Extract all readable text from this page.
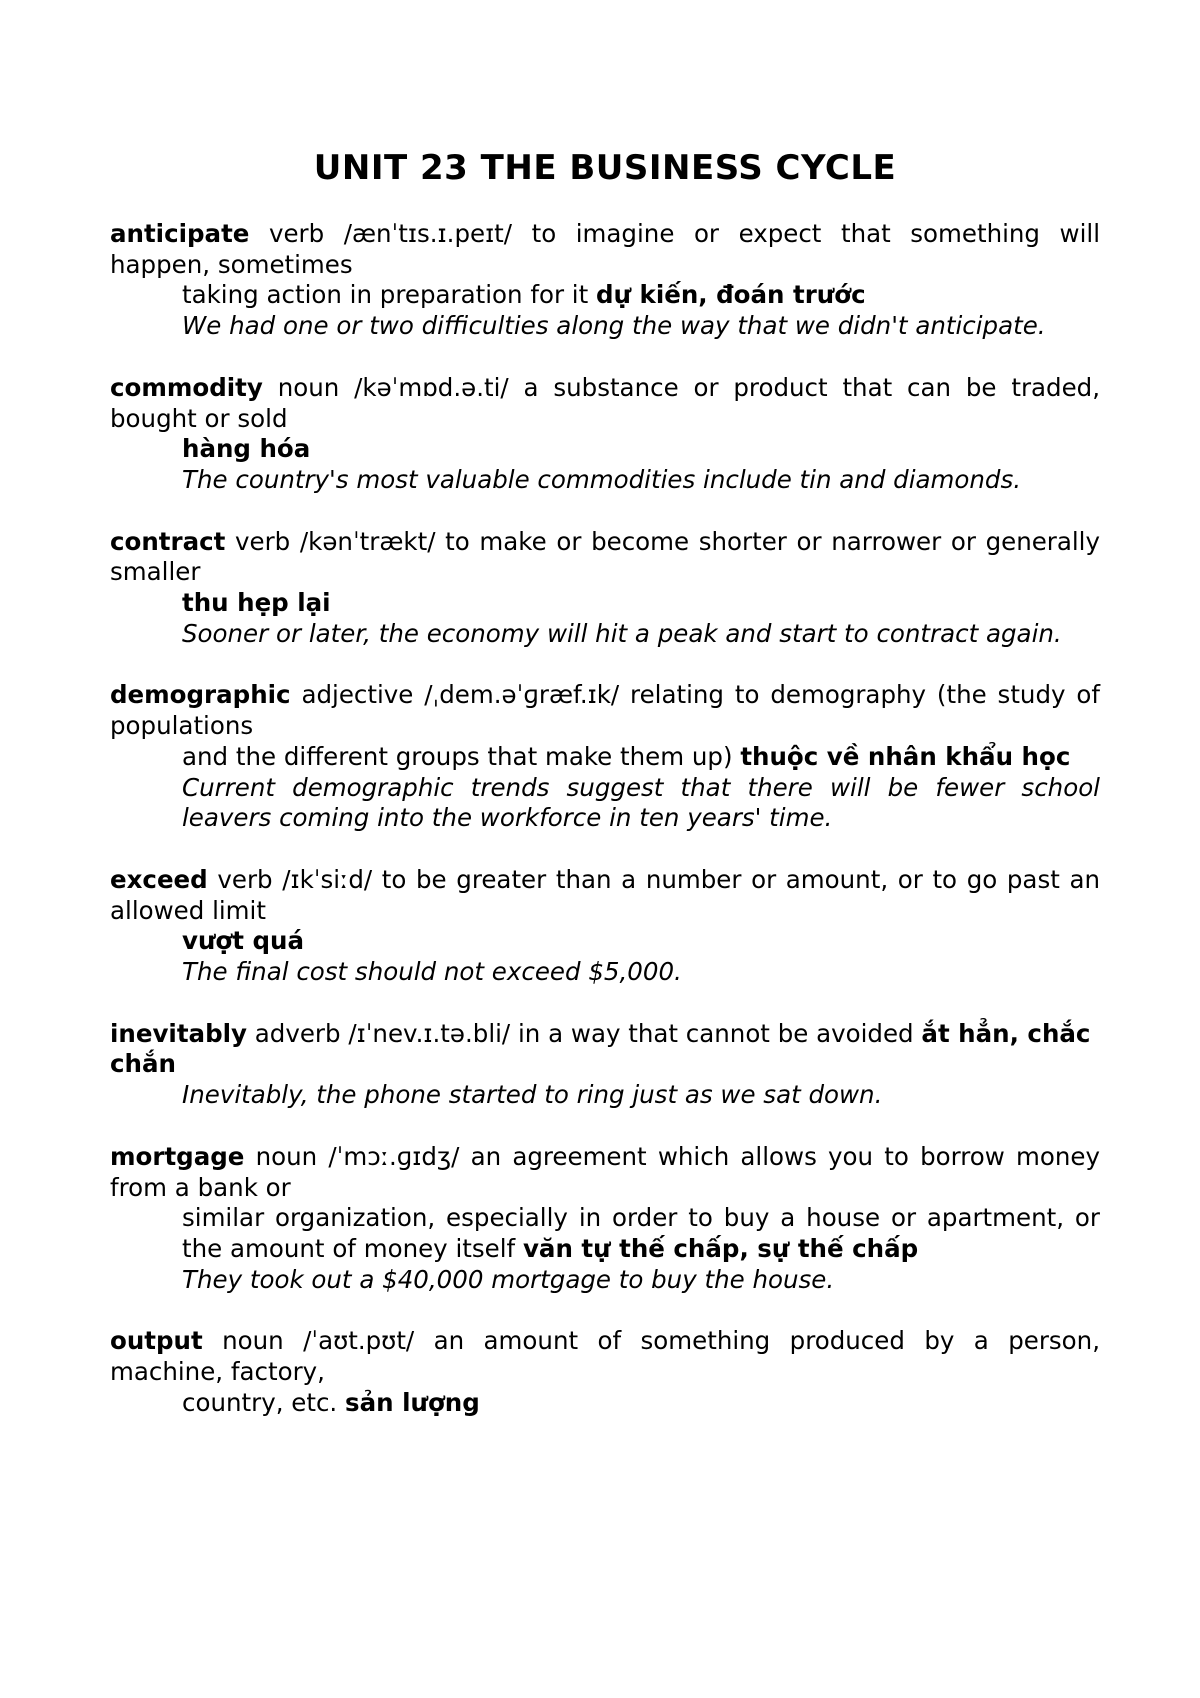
UNIT 23 THE BUSINESS CYCLE

anticipate verb /ænˈtɪs.ɪ.peɪt/ to imagine or expect that something will happen, sometimes

taking action in preparation for it dự kiến, đoán trước

We had one or two difficulties along the way that we didn't anticipate.

commodity noun /kəˈmɒd.ə.ti/ a substance or product that can be traded, bought or sold

hàng hóa

The country's most valuable commodities include tin and diamonds.

contract verb /kənˈtrækt/ to make or become shorter or narrower or generally smaller

thu hẹp lại

Sooner or later, the economy will hit a peak and start to contract again.

demographic adjective /ˌdem.əˈɡræf.ɪk/ relating to demography (the study of populations

and the different groups that make them up) thuộc về nhân khẩu học

Current demographic trends suggest that there will be fewer school leavers coming into the workforce in ten years' time.

exceed verb /ɪkˈsiːd/ to be greater than a number or amount, or to go past an allowed limit

vượt quá

The final cost should not exceed $5,000.

inevitably adverb /ɪˈnev.ɪ.tə.bli/ in a way that cannot be avoided ắt hẳn, chắc chắn

Inevitably, the phone started to ring just as we sat down.

mortgage noun /ˈmɔː.ɡɪdʒ/ an agreement which allows you to borrow money from a bank or

similar organization, especially in order to buy a house or apartment, or the amount of money itself văn tự thế chấp, sự thế chấp

They took out a $40,000 mortgage to buy the house.

output noun /ˈaʊt.pʊt/ an amount of something produced by a person, machine, factory,

country, etc. sản lượng
